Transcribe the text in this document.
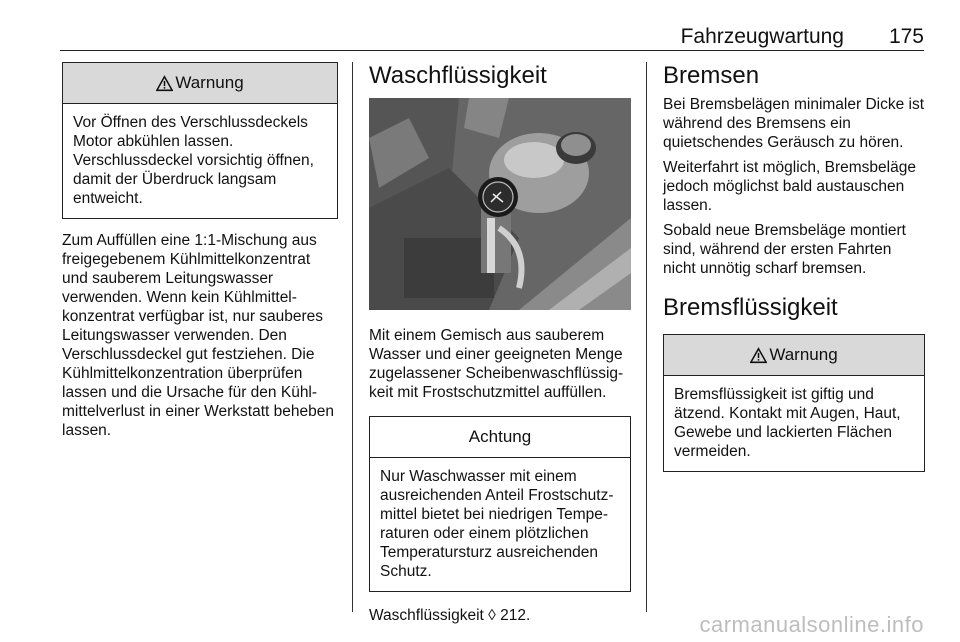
Fahrzeugwartung 175
Warnung
Vor Öffnen des Verschlussdeckels Motor abkühlen lassen. Verschlussdeckel vorsichtig öffnen, damit der Überdruck langsam entweicht.

Zum Auffüllen eine 1:1-Mischung aus freigegebenem Kühlmittelkonzentrat und sauberem Leitungswasser verwenden. Wenn kein Kühlmittelkonzentrat verfügbar ist, nur sauberes Leitungswasser verwenden. Den Verschlussdeckel gut festziehen. Die Kühlmittelkonzentration überprüfen lassen und die Ursache für den Kühlmittelverlust in einer Werkstatt beheben lassen.

Waschflüssigkeit

Mit einem Gemisch aus sauberem Wasser und einer geeigneten Menge zugelassener Scheibenwaschflüssigkeit mit Frostschutzmittel auffüllen.

Achtung
Nur Waschwasser mit einem ausreichenden Anteil Frostschutzmittel bietet bei niedrigen Temperaturen oder einem plötzlichen Temperatursturz ausreichenden Schutz.

Waschflüssigkeit ◊ 212.

Bremsen

Bei Bremsbelägen minimaler Dicke ist während des Bremsens ein quietschendes Geräusch zu hören.

Weiterfahrt ist möglich, Bremsbeläge jedoch möglichst bald austauschen lassen.

Sobald neue Bremsbeläge montiert sind, während der ersten Fahrten nicht unnötig scharf bremsen.

Bremsflüssigkeit
Warnung
Bremsflüssigkeit ist giftig und ätzend. Kontakt mit Augen, Haut, Gewebe und lackierten Flächen vermeiden.
carmanualsonline.info
